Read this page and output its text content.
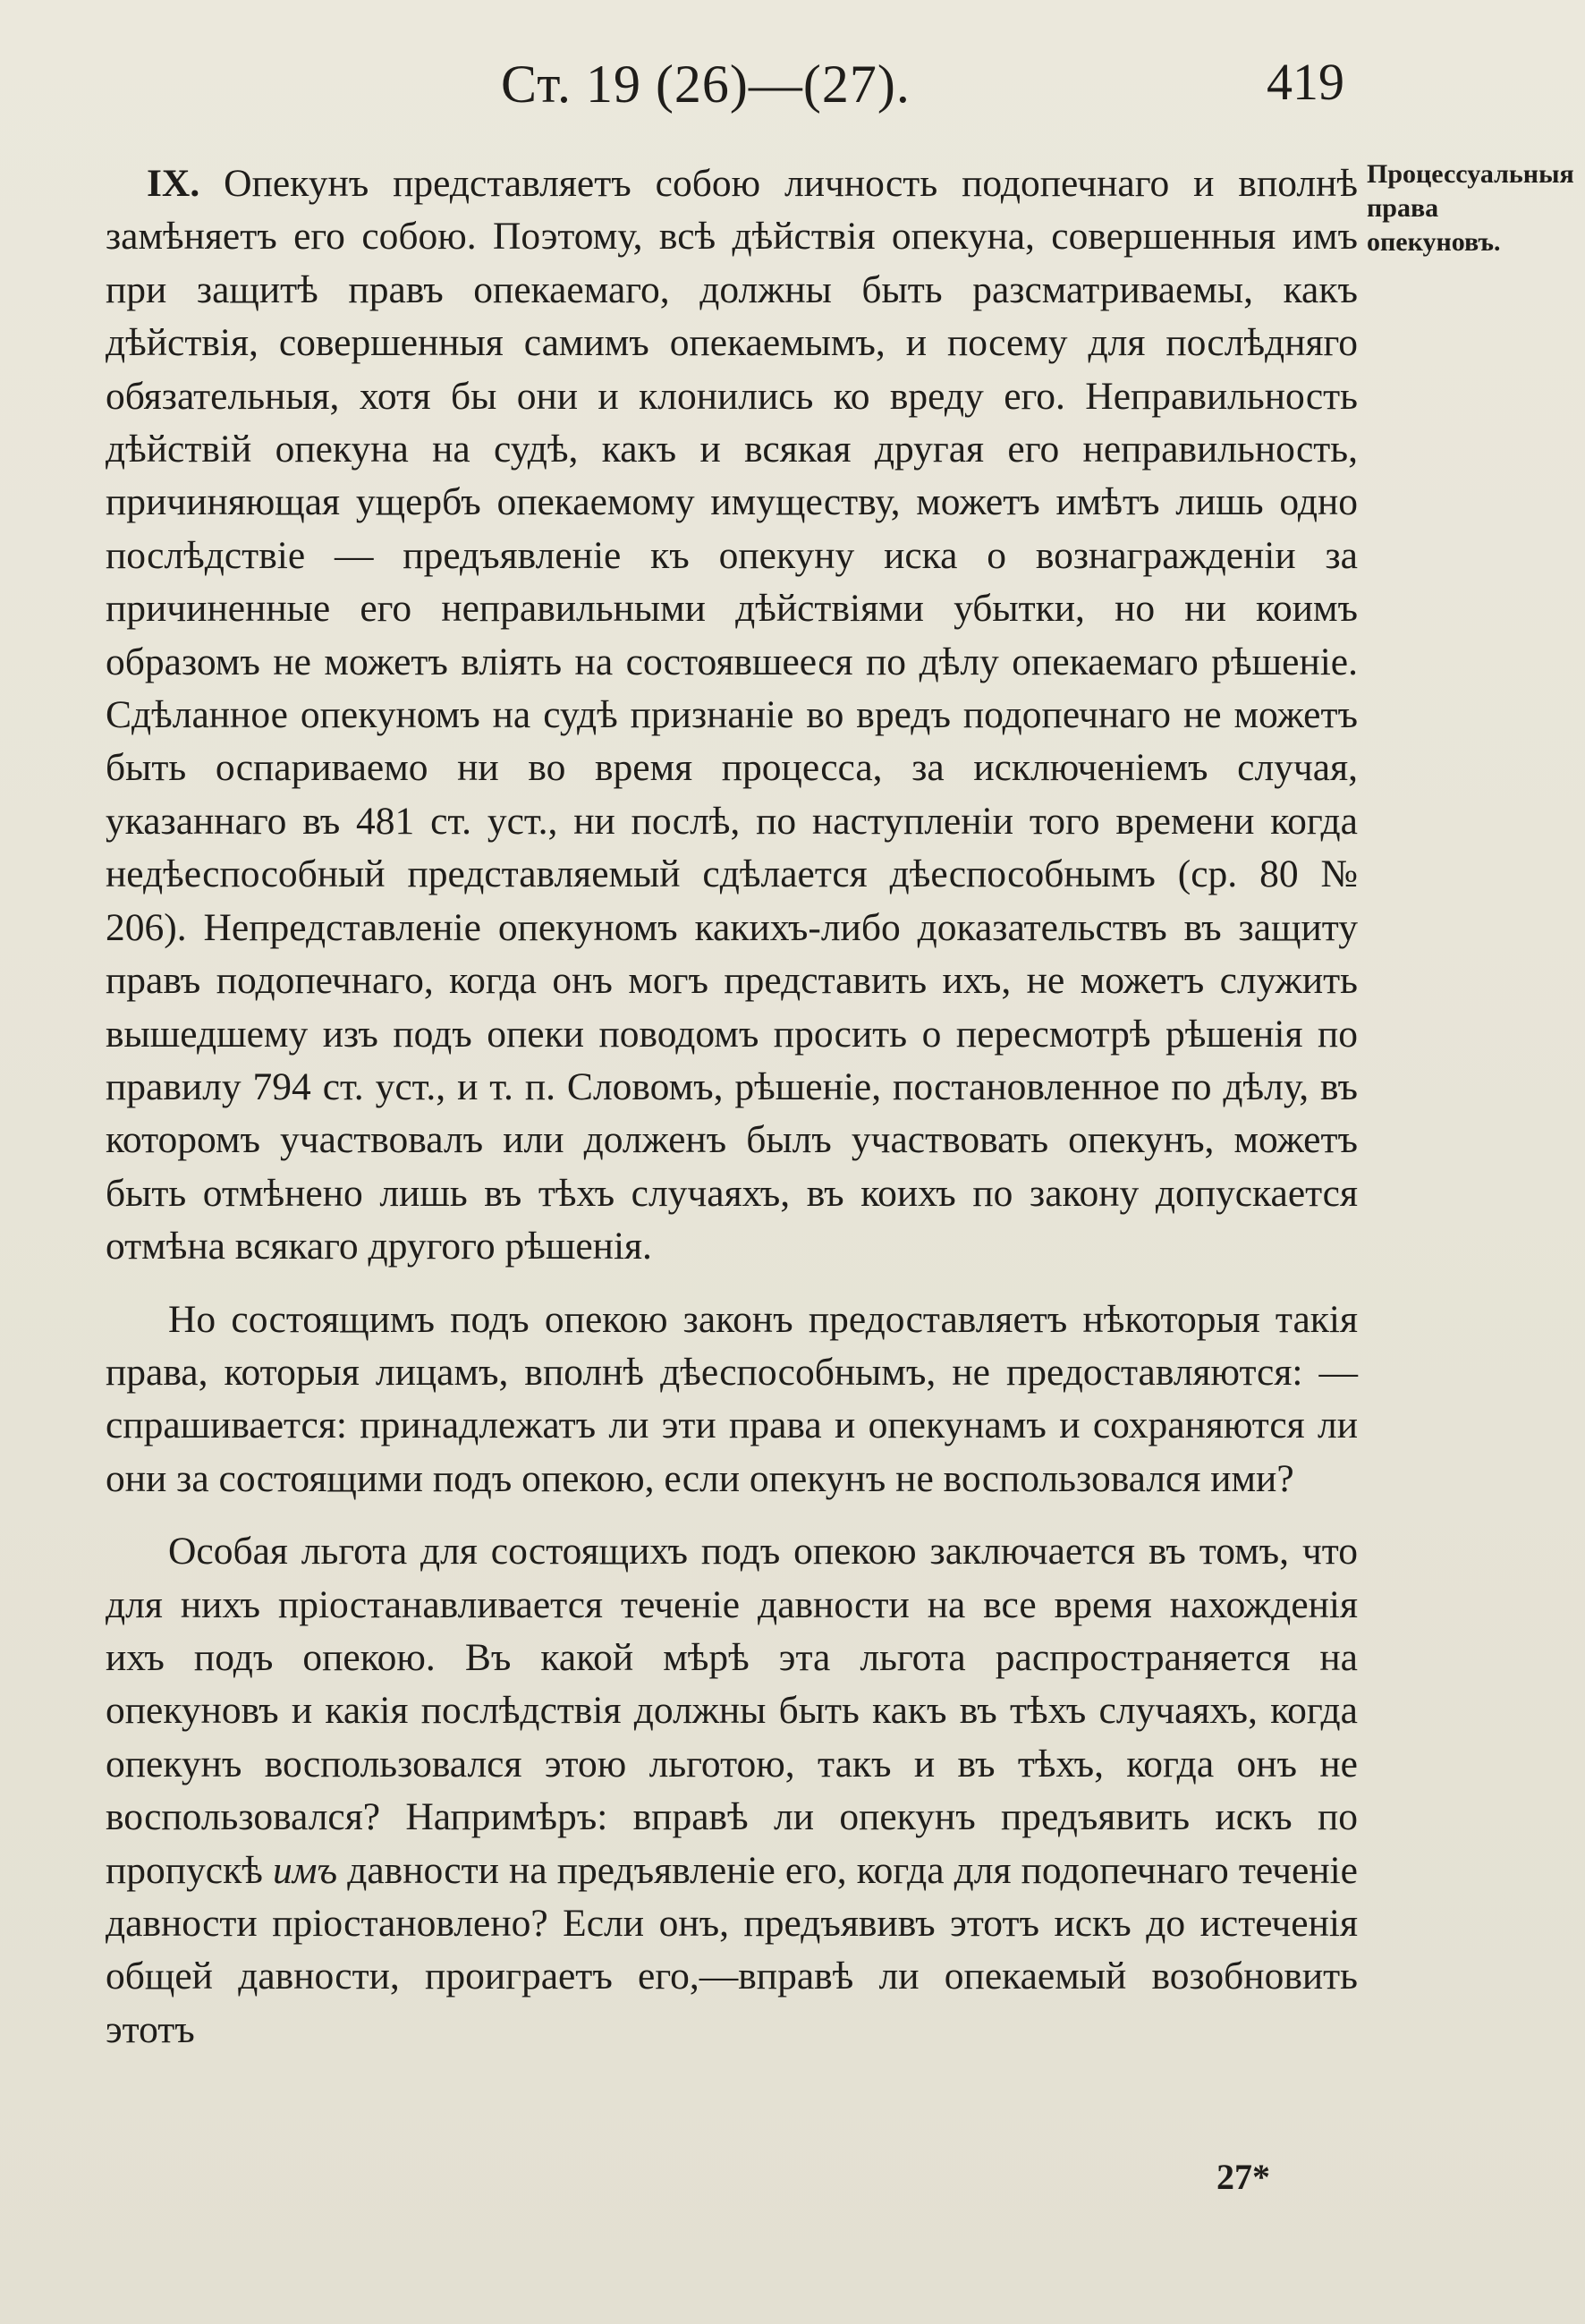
Ст. 19 (26)—(27).	419
Процессуальныя права опекуновъ.

IX. Опекунъ представляетъ собою личность подопечнаго и вполнѣ замѣняетъ его собою. Поэтому, всѣ дѣйствія опекуна, совершенныя имъ при защитѣ правъ опекаемаго, должны быть разсматриваемы, какъ дѣйствія, совершенныя самимъ опекаемымъ, и посему для послѣдняго обязательныя, хотя бы они и клонились ко вреду его. Неправильность дѣйствій опекуна на судѣ, какъ и всякая другая его неправильность, причиняющая ущербъ опекаемому имуществу, можетъ имѣтъ лишь одно послѣдствіе — предъявленіе къ опекуну иска о вознагражденіи за причиненные его неправильными дѣйствіями убытки, но ни коимъ образомъ не можетъ вліять на состоявшееся по дѣлу опекаемаго рѣшеніе. Сдѣланное опекуномъ на судѣ признаніе во вредъ подопечнаго не можетъ быть оспариваемо ни во время процесса, за исключеніемъ случая, указаннаго въ 481 ст. уст., ни послѣ, по наступленіи того времени когда недѣеспособный представляемый сдѣлается дѣеспособнымъ (ср. 80 № 206). Непредставленіе опекуномъ какихъ-либо доказательствъ въ защиту правъ подопечнаго, когда онъ могъ представить ихъ, не можетъ служить вышедшему изъ подъ опеки поводомъ просить о пересмотрѣ рѣшенія по правилу 794 ст. уст., и т. п. Словомъ, рѣшеніе, постановленное по дѣлу, въ которомъ участвовалъ или долженъ былъ участвовать опекунъ, можетъ быть отмѣнено лишь въ тѣхъ случаяхъ, въ коихъ по закону допускается отмѣна всякаго другого рѣшенія.

Но состоящимъ подъ опекою законъ предоставляетъ нѣкоторыя такія права, которыя лицамъ, вполнѣ дѣеспособнымъ, не предоставляются: — спрашивается: принадлежатъ ли эти права и опекунамъ и сохраняются ли они за состоящими подъ опекою, если опекунъ не воспользовался ими?

Особая льгота для состоящихъ подъ опекою заключается въ томъ, что для нихъ пріостанавливается теченіе давности на все время нахожденія ихъ подъ опекою. Въ какой мѣрѣ эта льгота распространяется на опекуновъ и какія послѣдствія должны быть какъ въ тѣхъ случаяхъ, когда опекунъ воспользовался этою льготою, такъ и въ тѣхъ, когда онъ не воспользовался? Напримѣръ: вправѣ ли опекунъ предъявить искъ по пропускѣ имъ давности на предъявленіе его, когда для подопечнаго теченіе давности пріостановлено? Если онъ, предъявивъ этотъ искъ до истеченія общей давности, проиграетъ его,—вправѣ ли опекаемый возобновить этотъ

27*
